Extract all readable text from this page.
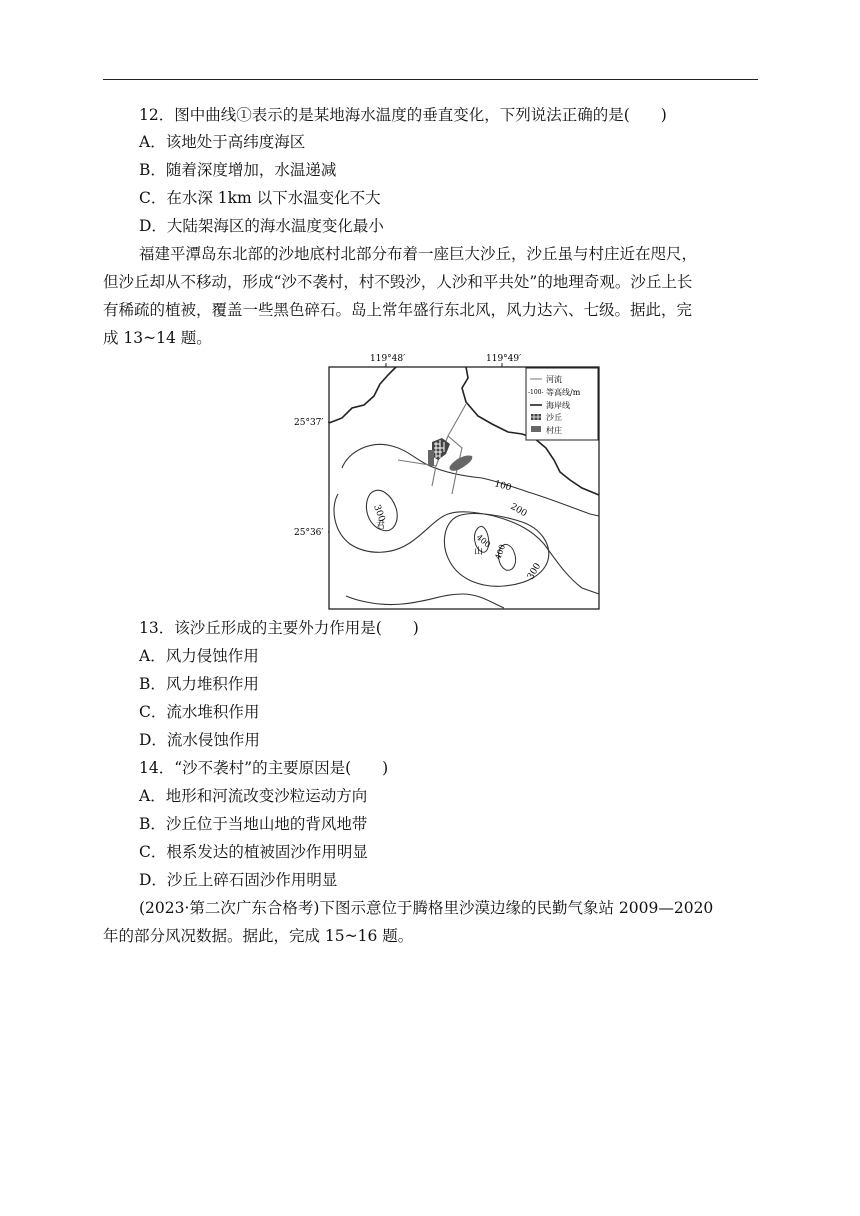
12．图中曲线①表示的是某地海水温度的垂直变化，下列说法正确的是(　　)
A．该地处于高纬度海区
B．随着深度增加，水温递减
C．在水深 1km 以下水温变化不大
D．大陆架海区的海水温度变化最小
福建平潭岛东北部的沙地底村北部分布着一座巨大沙丘，沙丘虽与村庄近在咫尺，
但沙丘却从不移动，形成“沙不袭村，村不毁沙，人沙和平共处”的地理奇观。沙丘上长
有稀疏的植被，覆盖一些黑色碎石。岛上常年盛行东北风，风力达六、七级。据此，完
成 13~14 题。
119°48′	119°49′
25°37′
25°36′
100
200
300
400
400
300
君
山
河流
-100- 等高线/m
海岸线
沙丘
村庄
13．该沙丘形成的主要外力作用是(　　)
A．风力侵蚀作用
B．风力堆积作用
C．流水堆积作用
D．流水侵蚀作用
14．“沙不袭村”的主要原因是(　　)
A．地形和河流改变沙粒运动方向
B．沙丘位于当地山地的背风地带
C．根系发达的植被固沙作用明显
D．沙丘上碎石固沙作用明显
(2023·第二次广东合格考)下图示意位于腾格里沙漠边缘的民勤气象站 2009—2020
年的部分风况数据。据此，完成 15~16 题。
